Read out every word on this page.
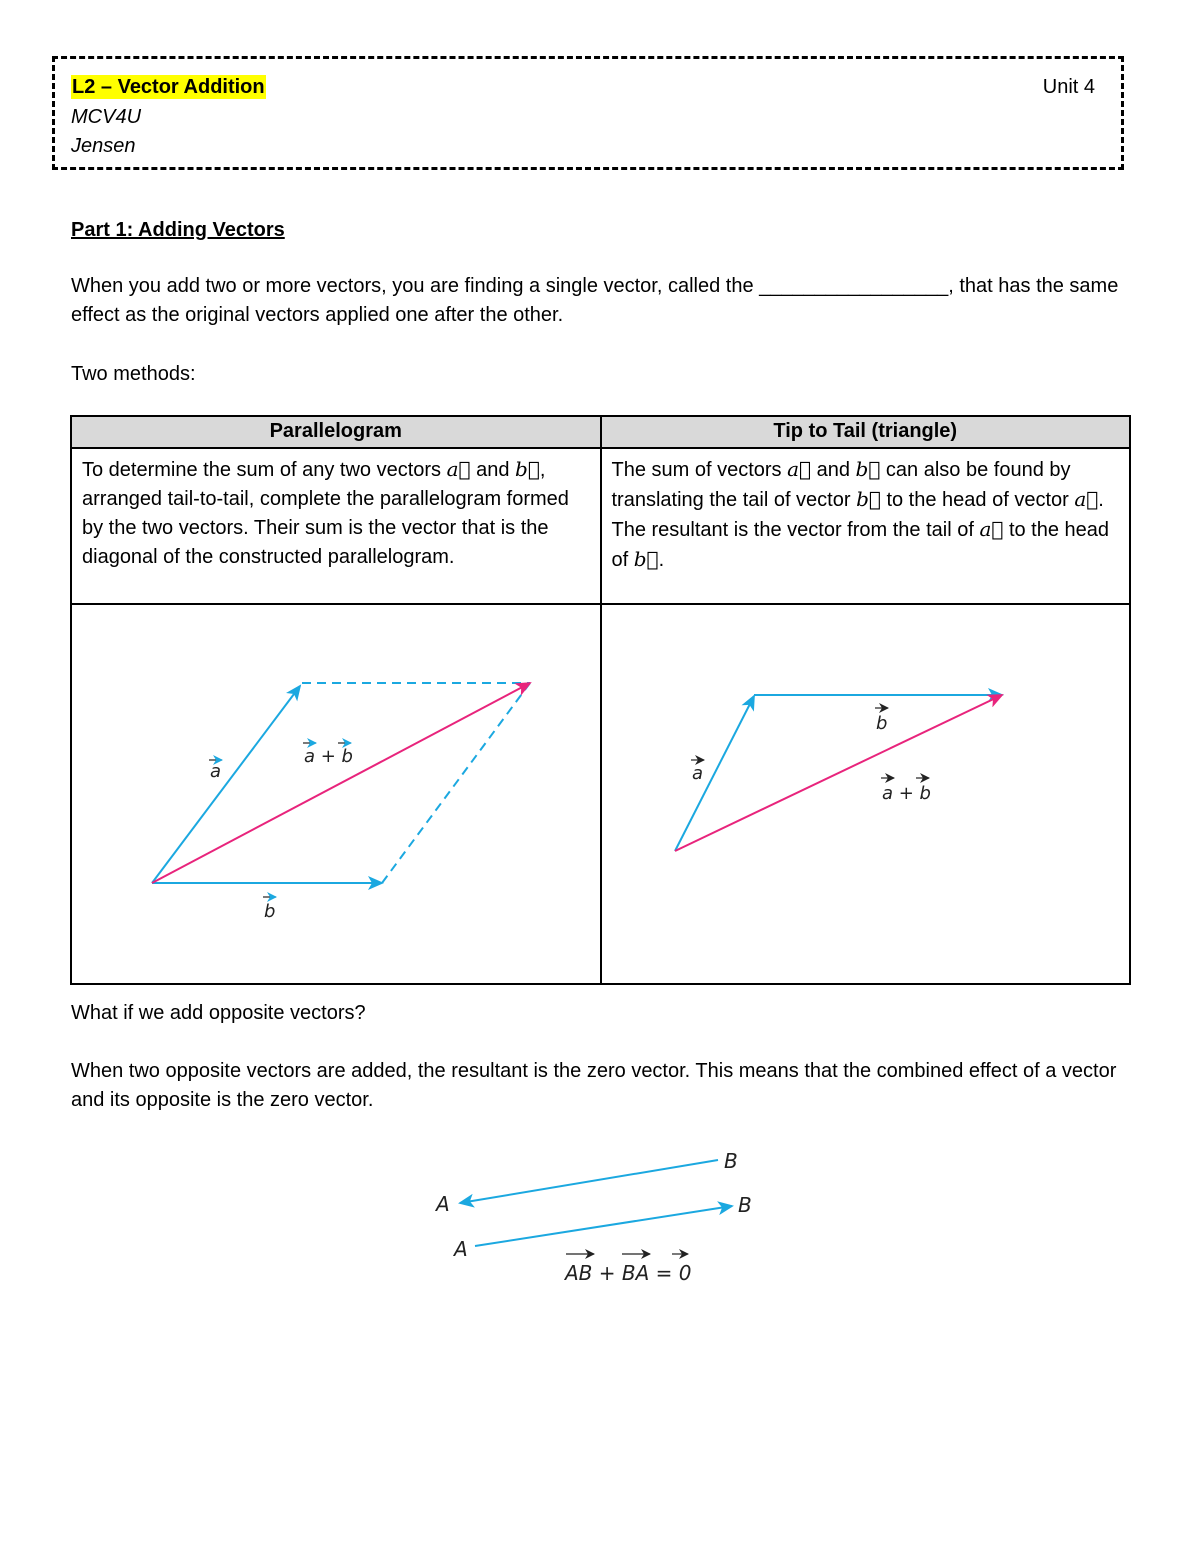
L2 – Vector Addition	Unit 4
MCV4U
Jensen
Part 1: Adding Vectors

When you add two or more vectors, you are finding a single vector, called the _________________, that has the same effect as the original vectors applied one after the other.

Two methods:

Parallelogram	Tip to Tail (triangle)
To determine the sum of any two vectors a⃗ and b⃗, arranged tail-to-tail, complete the parallelogram formed by the two vectors. Their sum is the vector that is the diagonal of the constructed parallelogram.	The sum of vectors a⃗ and b⃗ can also be found by translating the tail of vector b⃗ to the head of vector a⃗. The resultant is the vector from the tail of a⃗ to the head of b⃗.

a
b
a + b	a
b
a + b

What if we add opposite vectors?

When two opposite vectors are added, the resultant is the zero vector. This means that the combined effect of a vector and its opposite is the zero vector.

B
A	B
A
AB + BA = 0
